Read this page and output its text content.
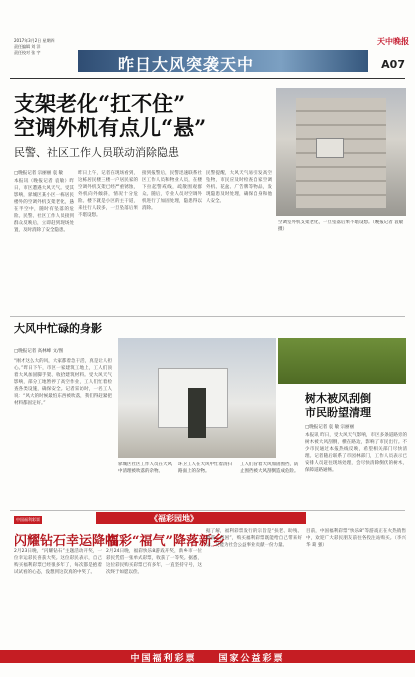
2017年3月2日 星期四
责任编辑 刘 洋
责任校对 张 宇
昨日大风突袭天中
天中晚报
A07
支架老化“扛不住”
空调外机有点儿“悬”
民警、社区工作人员联动消除隐患
□晚报记者 宗丽丽 袁 敏
本报讯（晚报记者 袁敏）昨日，市区遭遇大风天气。受其影响，驿城区某小区一栋居民楼外的空调外机支架老化，悬在半空中，随时有坠落的危险。民警、社区工作人员接到群众反映后，立即赶到现场处置，及时消除了安全隐患。
昨日上午，记者在现场看到，这栋居民楼三楼一户居民家的空调外机支架已经严重锈蚀，外机向外倾斜，情况十分危险。楼下就是小区的主干道，来往行人较多，一旦坠落后果不堪设想。
接到报警后，民警迅速联系社区工作人员和物业人员，在楼下拉起警戒线，疏散围观群众。随后，专业人员对空调外机进行了加固处理，隐患得以消除。
民警提醒，大风天气易引发高空坠物，市民应及时检查自家空调外机、花盆、广告牌等物品，发现隐患及时处理，确保自身和他人安全。
空调室外机支架老化，一旦坠落后果不堪设想。（晚报记者 袁敏 摄）
大风中忙碌的身影
□晚报记者 高林峰 文/图
“刚才这么大的风，大家都着急干活，真是让人担心。”昨日下午，市区一家建筑工地上，工人们顶着大风加固脚手架、收拾建筑材料。受大风天气影响，部分工地暂停了高空作业，工人们忙着检查各类设施，确保安全。记者采访时，一名工人说：“风大的时候最怕东西被吹落，我们得赶紧把材料都固定好。”
驿城区社区工作人员在大风中清理被吹落的杂物。
环卫工人在大风中忙着清扫路面上的杂物。
工人们冒着大风加固围挡，防止围挡被大风刮倒造成危险。
树木被风刮倒
市民盼望清理
□晚报记者 袁 敏 宗丽丽
本报讯 昨日，受大风天气影响，市区多条道路旁的树木被大风刮倒，横在路边，影响了市民出行。不少市民通过本报热线反映，希望相关部门尽快清理。记者随后联系了市园林部门，工作人员表示已安排人员赶往现场处理，会尽快清除倒伏的树木，保障道路通畅。
《福彩园地》
中国福利彩票
闪耀钻石幸运降临
福彩“福气”降落新乡
2月23日晚，“闪耀钻石”主题活动开奖，一位幸运彩民喜获大奖。这位彩民表示，自己购买福利彩票已经很多年了，每次都是抱着试试看的心态，没想到这次真的中奖了。
2月24日晚，福彩快乐8游戏开奖，新乡市一位彩民凭借一张单式彩票，收获了一等奖。据悉，这位彩民购买彩票已有多年，一直坚持守号，这次终于如愿以偿。
据了解，福利彩票发行的宗旨是“扶老、助残、救孤、济困”，购买福利彩票既能给自己带来好运，又能为社会公益事业贡献一份力量。
目前，中国福利彩票“快乐8”等游戏正在火热销售中，欢迎广大彩民朋友前往各投注站购买。（李兴华 葛 强）
中国福利彩票　　国家公益彩票
